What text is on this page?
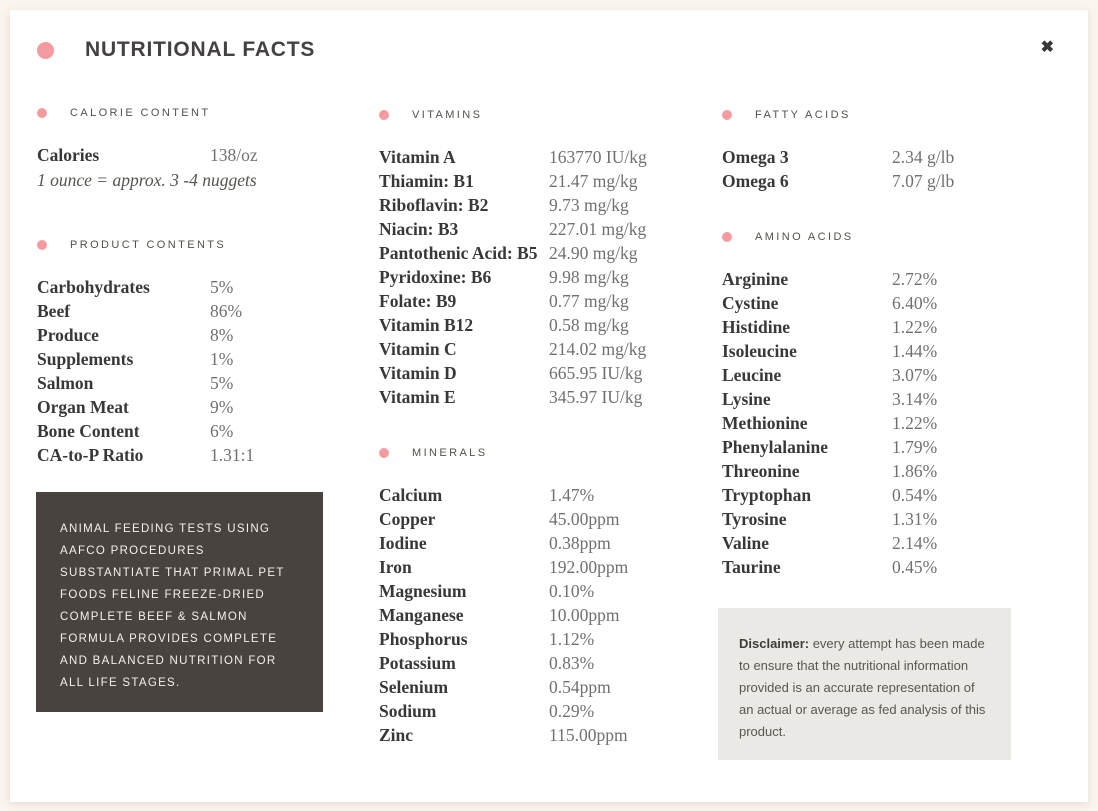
NUTRITIONAL FACTS	✖
CALORIE CONTENT
Calories	138/oz
1 ounce = approx. 3 -4 nuggets
PRODUCT CONTENTS
Carbohydrates	5%
Beef	86%
Produce	8%
Supplements	1%
Salmon	5%
Organ Meat	9%
Bone Content	6%
CA-to-P Ratio	1.31:1
ANIMAL FEEDING TESTS USING AAFCO PROCEDURES SUBSTANTIATE THAT PRIMAL PET FOODS FELINE FREEZE-DRIED COMPLETE BEEF & SALMON FORMULA PROVIDES COMPLETE AND BALANCED NUTRITION FOR ALL LIFE STAGES.
VITAMINS
Vitamin A	163770 IU/kg
Thiamin: B1	21.47 mg/kg
Riboflavin: B2	9.73 mg/kg
Niacin: B3	227.01 mg/kg
Pantothenic Acid: B5 24.90 mg/kg
Pyridoxine: B6	9.98 mg/kg
Folate: B9	0.77 mg/kg
Vitamin B12	0.58 mg/kg
Vitamin C	214.02 mg/kg
Vitamin D	665.95 IU/kg
Vitamin E	345.97 IU/kg
MINERALS
Calcium	1.47%
Copper	45.00ppm
Iodine	0.38ppm
Iron	192.00ppm
Magnesium	0.10%
Manganese	10.00ppm
Phosphorus	1.12%
Potassium	0.83%
Selenium	0.54ppm
Sodium	0.29%
Zinc	115.00ppm
FATTY ACIDS
Omega 3	2.34 g/lb
Omega 6	7.07 g/lb
AMINO ACIDS
Arginine	2.72%
Cystine	6.40%
Histidine	1.22%
Isoleucine	1.44%
Leucine	3.07%
Lysine	3.14%
Methionine	1.22%
Phenylalanine	1.79%
Threonine	1.86%
Tryptophan	0.54%
Tyrosine	1.31%
Valine	2.14%
Taurine	0.45%
Disclaimer: every attempt has been made to ensure that the nutritional information provided is an accurate representation of an actual or average as fed analysis of this product.
